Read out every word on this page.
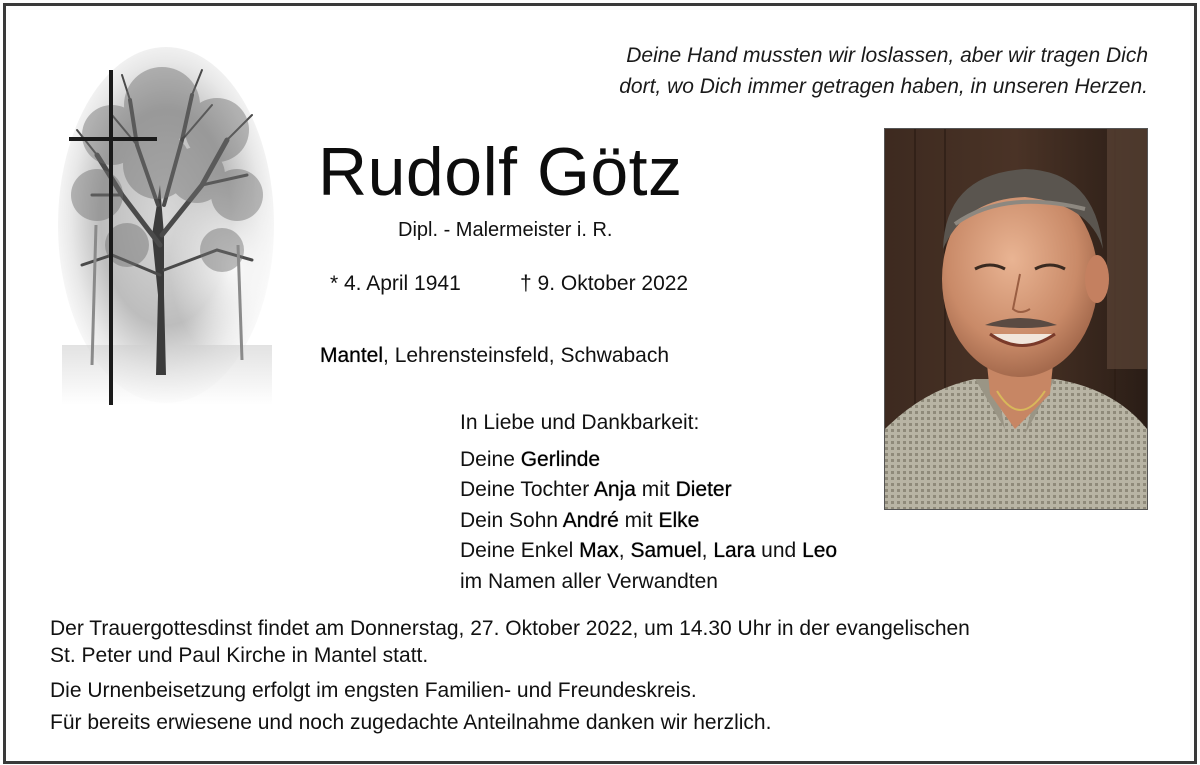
Deine Hand mussten wir loslassen, aber wir tragen Dich
dort, wo Dich immer getragen haben, in unseren Herzen.
Rudolf Götz
Dipl. - Malermeister i. R.
* 4. April 1941	† 9. Oktober 2022
Mantel, Lehrensteinsfeld, Schwabach
In Liebe und Dankbarkeit:
Deine Gerlinde
Deine Tochter Anja mit Dieter
Dein Sohn André mit Elke
Deine Enkel Max, Samuel, Lara und Leo
im Namen aller Verwandten
Der Trauergottesdinst findet am Donnerstag, 27. Oktober 2022, um 14.30 Uhr in der evangelischen
St. Peter und Paul Kirche in Mantel statt.
Die Urnenbeisetzung erfolgt im engsten Familien- und Freundeskreis.
Für bereits erwiesene und noch zugedachte Anteilnahme danken wir herzlich.
